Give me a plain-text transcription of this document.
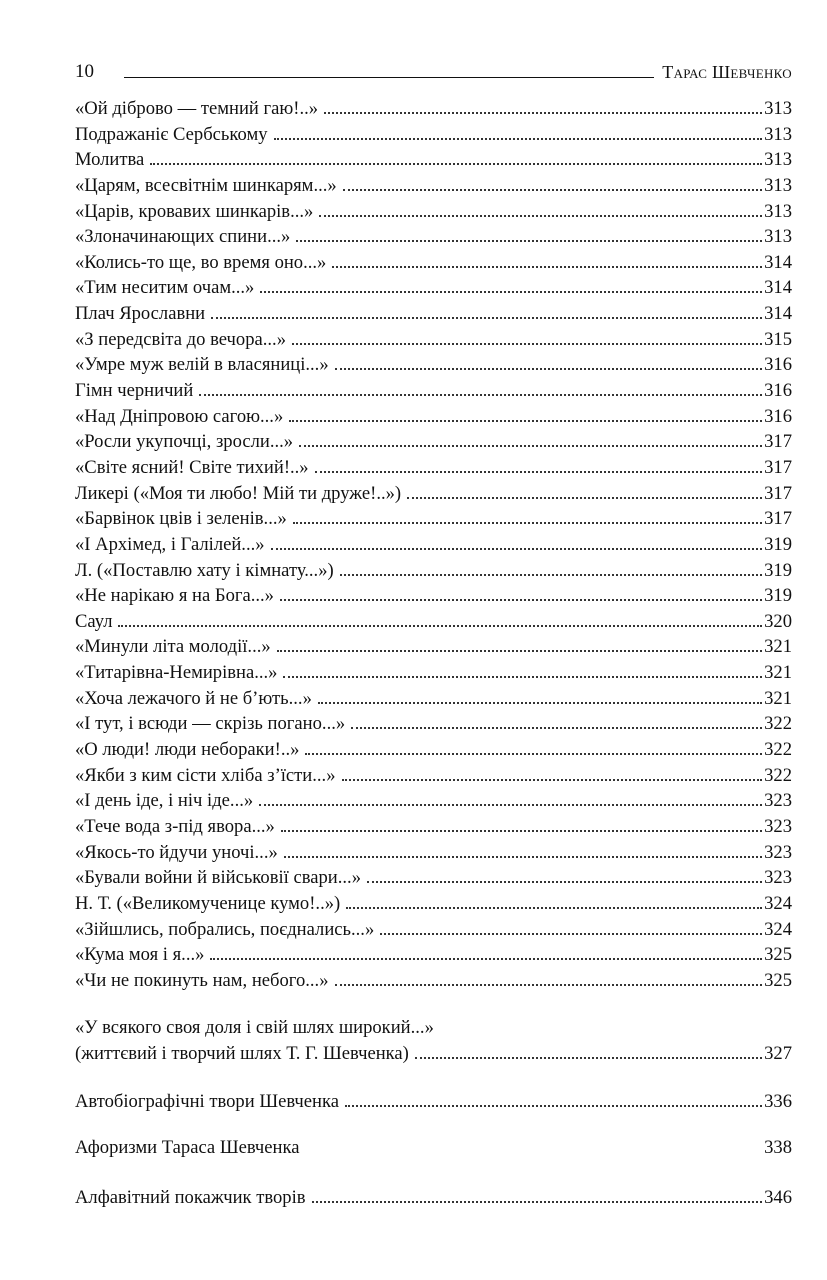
10	Тарас Шевченко
«Ой діброво — темний гаю!..»	313
Подражаніє Сербському	313
Молитва	313
«Царям, всесвітнім шинкарям...»	313
«Царів, кровавих шинкарів...»	313
«Злоначинающих спини...»	313
«Колись-то ще, во время оно...»	314
«Тим неситим очам...»	314
Плач Ярославни	314
«З передсвіта до вечора...»	315
«Умре муж велій в власяниці...»	316
Гімн черничий	316
«Над Дніпровою сагою...»	316
«Росли укупочці, зросли...»	317
«Світе ясний! Світе тихий!..»	317
Ликері («Моя ти любо! Мій ти друже!..»)	317
«Барвінок цвів і зеленів...»	317
«І Архімед, і Галілей...»	319
Л. («Поставлю хату і кімнату...»)	319
«Не нарікаю я на Бога...»	319
Саул	320
«Минули літа молодії...»	321
«Титарівна-Немирівна...»	321
«Хоча лежачого й не б’ють...»	321
«І тут, і всюди — скрізь погано...»	322
«О люди! люди небораки!..»	322
«Якби з ким сісти хліба з’їсти...»	322
«І день іде, і ніч іде...»	323
«Тече вода з-під явора...»	323
«Якось-то йдучи уночі...»	323
«Бували войни й військовії свари...»	323
Н. Т. («Великомученице кумо!..»)	324
«Зійшлись, побрались, поєднались...»	324
«Кума моя і я...»	325
«Чи не покинуть нам, небого...»	325
«У всякого своя доля і свій шлях широкий...»
(життєвий і творчий шлях Т. Г. Шевченка)	327
Автобіографічні твори Шевченка	336
Афоризми Тараса Шевченка	338
Алфавітний покажчик творів	346
